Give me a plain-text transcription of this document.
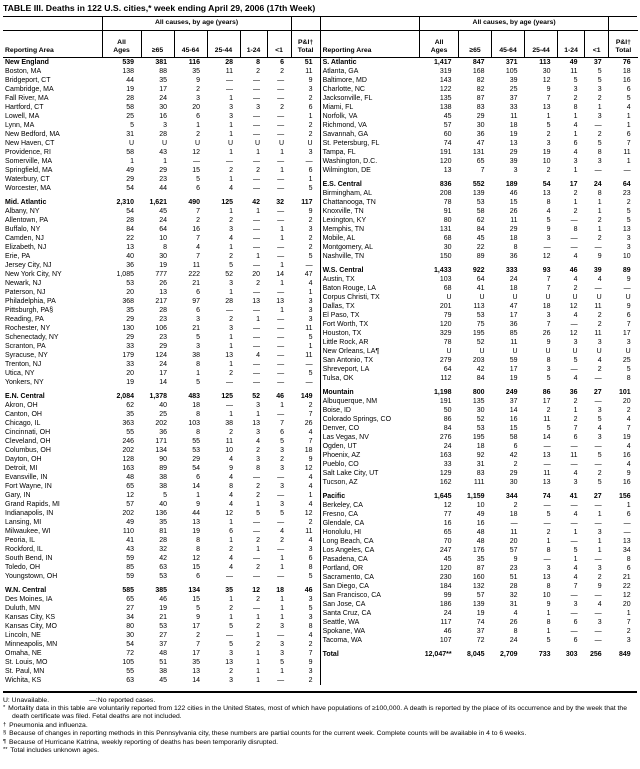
TABLE III. Deaths in 122 U.S. cities,* week ending April 29, 2006 (17th Week)
	All causes, by age (years)						
Reporting Area	All Ages	≥65	45-64	25-44	1-24	<1	P&I†
Total

New England	539	381	116	28	8	6	51
Boston, MA	138	88	35	11	2	2	11
Bridgeport, CT	44	35	9	—	—	—	9
Cambridge, MA	19	17	2	—	—	—	3
Fall River, MA	28	24	3	1	—	—	2
Hartford, CT	58	30	20	3	3	2	6
Lowell, MA	25	16	6	3	—	—	1
Lynn, MA	5	3	1	1	—	—	2
New Bedford, MA	31	28	2	1	—	—	2
New Haven, CT	U	U	U	U	U	U	U
Providence, RI	58	43	12	1	1	1	3
Somerville, MA	1	1	—	—	—	—	—
Springfield, MA	49	29	15	2	2	1	6
Waterbury, CT	29	23	5	1	—	—	1
Worcester, MA	54	44	6	4	—	—	5

Mid. Atlantic	2,310	1,621	490	125	42	32	117
Albany, NY	54	45	7	1	1	—	9
Allentown, PA	28	24	2	2	—	—	2
Buffalo, NY	84	64	16	3	—	1	3
Camden, NJ	22	10	7	4	—	1	2
Elizabeth, NJ	13	8	4	1	—	—	2
Erie, PA	40	30	7	2	1	—	5
Jersey City, NJ	36	19	11	5	—	1	—
New York City, NY	1,085	777	222	52	20	14	47
Newark, NJ	53	26	21	3	2	1	4
Paterson, NJ	20	13	6	1	—	—	1
Philadelphia, PA	368	217	97	28	13	13	3
Pittsburgh, PA§	35	28	6	—	—	1	3
Reading, PA	29	23	3	2	1	—	3
Rochester, NY	130	106	21	3	—	—	11
Schenectady, NY	29	23	5	1	—	—	5
Scranton, PA	33	29	3	1	—	—	1
Syracuse, NY	179	124	38	13	4	—	11
Trenton, NJ	33	24	8	1	—	—	—
Utica, NY	20	17	1	2	—	—	5
Yonkers, NY	19	14	5	—	—	—	—

E.N. Central	2,084	1,378	483	125	52	46	149
Akron, OH	62	40	18	—	3	1	2
Canton, OH	35	25	8	1	1	—	7
Chicago, IL	363	202	103	38	13	7	26
Cincinnati, OH	55	36	8	2	3	6	4
Cleveland, OH	246	171	55	11	4	5	7
Columbus, OH	202	134	53	10	2	3	18
Dayton, OH	128	90	29	4	3	2	9
Detroit, MI	163	89	54	9	8	3	12
Evansville, IN	48	38	6	4	—	—	4
Fort Wayne, IN	65	38	14	8	2	3	4
Gary, IN	12	5	1	4	2	—	1
Grand Rapids, MI	57	40	9	4	1	3	4
Indianapolis, IN	202	136	44	12	5	5	12
Lansing, MI	49	35	13	1	—	—	2
Milwaukee, WI	110	81	19	6	—	4	11
Peoria, IL	41	28	8	1	2	2	4
Rockford, IL	43	32	8	2	1	—	3
South Bend, IN	59	42	12	4	—	1	6
Toledo, OH	85	63	15	4	2	1	8
Youngstown, OH	59	53	6	—	—	—	5

W.N. Central	585	385	134	35	12	18	46
Des Moines, IA	65	46	15	1	2	1	3
Duluth, MN	27	19	5	2	—	1	5
Kansas City, KS	34	21	9	1	1	1	3
Kansas City, MO	80	53	17	5	2	3	8
Lincoln, NE	30	27	2	—	1	—	4
Minneapolis, MN	54	37	7	5	2	3	2
Omaha, NE	72	48	17	3	1	3	7
St. Louis, MO	105	51	35	13	1	5	9
St. Paul, MN	55	38	13	2	1	1	3
Wichita, KS	63	45	14	3	1	—	2
	All causes, by age (years)						
Reporting Area	All Ages	≥65	45-64	25-44	1-24	<1	P&I†
Total

S. Atlantic	1,417	847	371	113	49	37	76
Atlanta, GA	319	168	105	30	11	5	18
Baltimore, MD	143	82	39	12	5	5	16
Charlotte, NC	122	82	25	9	3	3	6
Jacksonville, FL	135	87	37	7	2	2	5
Miami, FL	138	83	33	13	8	1	4
Norfolk, VA	45	29	11	1	1	3	1
Richmond, VA	57	30	18	5	4	—	1
Savannah, GA	60	36	19	2	1	2	6
St. Petersburg, FL	74	47	13	3	6	5	7
Tampa, FL	191	131	29	19	4	8	11
Washington, D.C.	120	65	39	10	3	3	1
Wilmington, DE	13	7	3	2	1	—	—

E.S. Central	836	552	189	54	17	24	64
Birmingham, AL	208	139	46	13	2	8	23
Chattanooga, TN	78	53	15	8	1	1	2
Knoxville, TN	91	58	26	4	2	1	5
Lexington, KY	80	62	11	5	—	2	5
Memphis, TN	131	84	29	9	8	1	13
Mobile, AL	68	45	18	3	—	2	3
Montgomery, AL	30	22	8	—	—	—	3
Nashville, TN	150	89	36	12	4	9	10

W.S. Central	1,433	922	333	93	46	39	89
Austin, TX	103	64	24	7	4	4	9
Baton Rouge, LA	68	41	18	7	2	—	—
Corpus Christi, TX	U	U	U	U	U	U	U
Dallas, TX	201	113	47	18	12	11	9
El Paso, TX	79	53	17	3	4	2	6
Fort Worth, TX	120	75	36	7	—	2	7
Houston, TX	329	195	85	26	12	11	17
Little Rock, AR	78	52	11	9	3	3	3
New Orleans, LA¶	U	U	U	U	U	U	U
San Antonio, TX	279	203	59	8	5	4	25
Shreveport, LA	64	42	17	3	—	2	5
Tulsa, OK	112	84	19	5	4	—	8

Mountain	1,198	800	249	86	36	27	101
Albuquerque, NM	191	135	37	17	2	—	20
Boise, ID	50	30	14	2	1	3	2
Colorado Springs, CO	86	52	16	11	2	5	4
Denver, CO	84	53	15	5	7	4	7
Las Vegas, NV	276	195	58	14	6	3	19
Ogden, UT	24	18	6	—	—	—	4
Phoenix, AZ	163	92	42	13	11	5	16
Pueblo, CO	33	31	2	—	—	—	4
Salt Lake City, UT	129	83	29	11	4	2	9
Tucson, AZ	162	111	30	13	3	5	16

Pacific	1,645	1,159	344	74	41	27	156
Berkeley, CA	12	10	2	—	—	—	1
Fresno, CA	77	49	18	5	4	1	6
Glendale, CA	16	16	—	—	—	—	—
Honolulu, HI	65	48	11	2	1	3	—
Long Beach, CA	70	48	20	1	—	1	13
Los Angeles, CA	247	176	57	8	5	1	34
Pasadena, CA	45	35	9	—	1	—	8
Portland, OR	120	87	23	3	4	3	6
Sacramento, CA	230	160	51	13	4	2	21
San Diego, CA	184	132	28	8	7	9	22
San Francisco, CA	99	57	32	10	—	—	12
San Jose, CA	186	139	31	9	3	4	20
Santa Cruz, CA	24	19	4	1	—	—	1
Seattle, WA	117	74	26	8	6	3	7
Spokane, WA	46	37	8	1	—	—	2
Tacoma, WA	107	72	24	5	6	—	3

Total	12,047**	8,045	2,709	733	303	256	849
U: Unavailable.	—:No reported cases.
* Mortality data in this table are voluntarily reported from 122 cities in the United States, most of which have populations of ≥100,000. A death is reported by the place of its occurrence and by the week that the death certificate was filed. Fetal deaths are not included.
† Pneumonia and influenza.
§ Because of changes in reporting methods in this Pennsylvania city, these numbers are partial counts for the current week. Complete counts will be available in 4 to 6 weeks.
¶ Because of Hurricane Katrina, weekly reporting of deaths has been temporarily disrupted.
** Total includes unknown ages.
